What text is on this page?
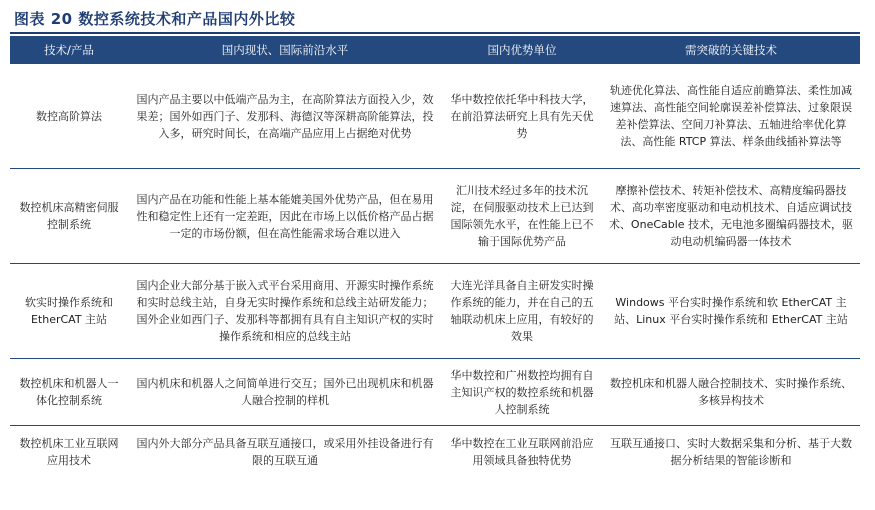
图表 20 数控系统技术和产品国内外比较
技术/产品	国内现状、国际前沿水平	国内优势单位	需突破的关键技术
数控高阶算法	国内产品主要以中低端产品为主，在高阶算法方面投入少，效果差；国外如西门子、发那科、海德汉等深耕高阶能算法，投入多，研究时间长，在高端产品应用上占据绝对优势	华中数控依托华中科技大学，在前沿算法研究上具有先天优势	轨迹优化算法、高性能自适应前瞻算法、柔性加减速算法、高性能空间轮廓误差补偿算法、过象限误差补偿算法、空间刀补算法、五轴进给率优化算法、高性能 RTCP 算法、样条曲线插补算法等
数控机床高精密伺服控制系统	国内产品在功能和性能上基本能媲美国外优势产品，但在易用性和稳定性上还有一定差距，因此在市场上以低价格产品占据一定的市场份额，但在高性能需求场合难以进入	汇川技术经过多年的技术沉淀，在伺服驱动技术上已达到国际领先水平，在性能上已不输于国际优势产品	摩擦补偿技术、转矩补偿技术、高精度编码器技术、高功率密度驱动和电动机技术、自适应调试技术、OneCable 技术，无电池多圈编码器技术，驱动电动机编码器一体技术
软实时操作系统和 EtherCAT 主站	国内企业大部分基于嵌入式平台采用商用、开源实时操作系统和实时总线主站，自身无实时操作系统和总线主站研发能力；国外企业如西门子、发那科等都拥有具有自主知识产权的实时操作系统和相应的总线主站	大连光洋具备自主研发实时操作系统的能力，并在自己的五轴联动机床上应用，有较好的效果	Windows 平台实时操作系统和软 EtherCAT 主站、Linux 平台实时操作系统和 EtherCAT 主站
数控机床和机器人一体化控制系统	国内机床和机器人之间简单进行交互；国外已出现机床和机器人融合控制的样机	华中数控和广州数控均拥有自主知识产权的数控系统和机器人控制系统	数控机床和机器人融合控制技术、实时操作系统、多核异构技术
数控机床工业互联网应用技术	国内外大部分产品具备互联互通接口，或采用外挂设备进行有限的互联互通	华中数控在工业互联网前沿应用领域具备独特优势	互联互通接口、实时大数据采集和分析、基于大数据分析结果的智能诊断和
